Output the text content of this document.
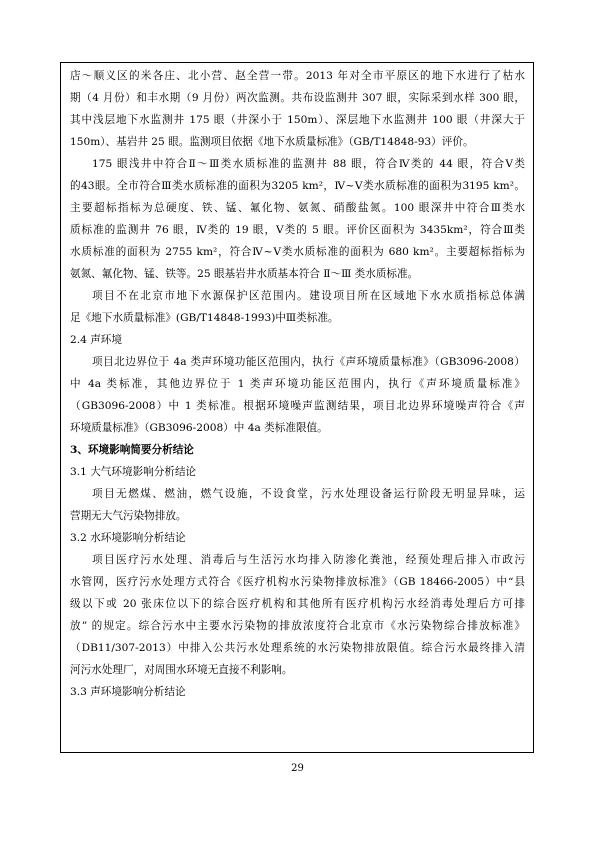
店～顺义区的米各庄、北小营、赵全营一带。2013 年对全市平原区的地下水进行了枯水
期（4 月份）和丰水期（9 月份）两次监测。共布设监测井 307 眼，实际采到水样 300 眼，
其中浅层地下水监测井 175 眼（井深小于 150m）、深层地下水监测井 100 眼（井深大于
150m）、基岩井 25 眼。监测项目依据《地下水质量标准》（GB/T14848-93）评价。
175 眼浅井中符合Ⅱ～Ⅲ类水质标准的监测井 88 眼，符合Ⅳ类的 44 眼，符合Ⅴ类
的43眼。全市符合Ⅲ类水质标准的面积为3205 km²，Ⅳ~Ⅴ类水质标准的面积为3195 km²。
主要超标指标为总硬度、铁、锰、氟化物、氨氮、硝酸盐氮。100 眼深井中符合Ⅲ类水
质标准的监测井 76 眼，Ⅳ类的 19 眼，Ⅴ类的 5 眼。评价区面积为 3435km²，符合Ⅲ类
水质标准的面积为 2755 km²，符合Ⅳ~Ⅴ类水质标准的面积为 680 km²。主要超标指标为
氨氮、氟化物、锰、铁等。25 眼基岩井水质基本符合 Ⅱ～Ⅲ 类水质标准。
项目不在北京市地下水源保护区范围内。建设项目所在区域地下水水质指标总体满
足《地下水质量标准》(GB/T14848-1993)中Ⅲ类标准。
2.4 声环境
项目北边界位于 4a 类声环境功能区范围内，执行《声环境质量标准》（GB3096-2008）
中 4a 类标准，其他边界位于 1 类声环境功能区范围内，执行《声环境质量标准》
（GB3096-2008）中 1 类标准。根据环境噪声监测结果，项目北边界环境噪声符合《声
环境质量标准》（GB3096-2008）中 4a 类标准限值。
3、环境影响简要分析结论
3.1 大气环境影响分析结论
项目无燃煤、燃油，燃气设施，不设食堂，污水处理设备运行阶段无明显异味，运
营期无大气污染物排放。
3.2 水环境影响分析结论
项目医疗污水处理、消毒后与生活污水均排入防渗化粪池，经预处理后排入市政污
水管网，医疗污水处理方式符合《医疗机构水污染物排放标准》（GB 18466-2005）中“县
级以下或 20 张床位以下的综合医疗机构和其他所有医疗机构污水经消毒处理后方可排
放” 的规定。综合污水中主要水污染物的排放浓度符合北京市《水污染物综合排放标准》
（DB11/307-2013）中排入公共污水处理系统的水污染物排放限值。综合污水最终排入清
河污水处理厂，对周围水环境无直接不利影响。
3.3 声环境影响分析结论
29
